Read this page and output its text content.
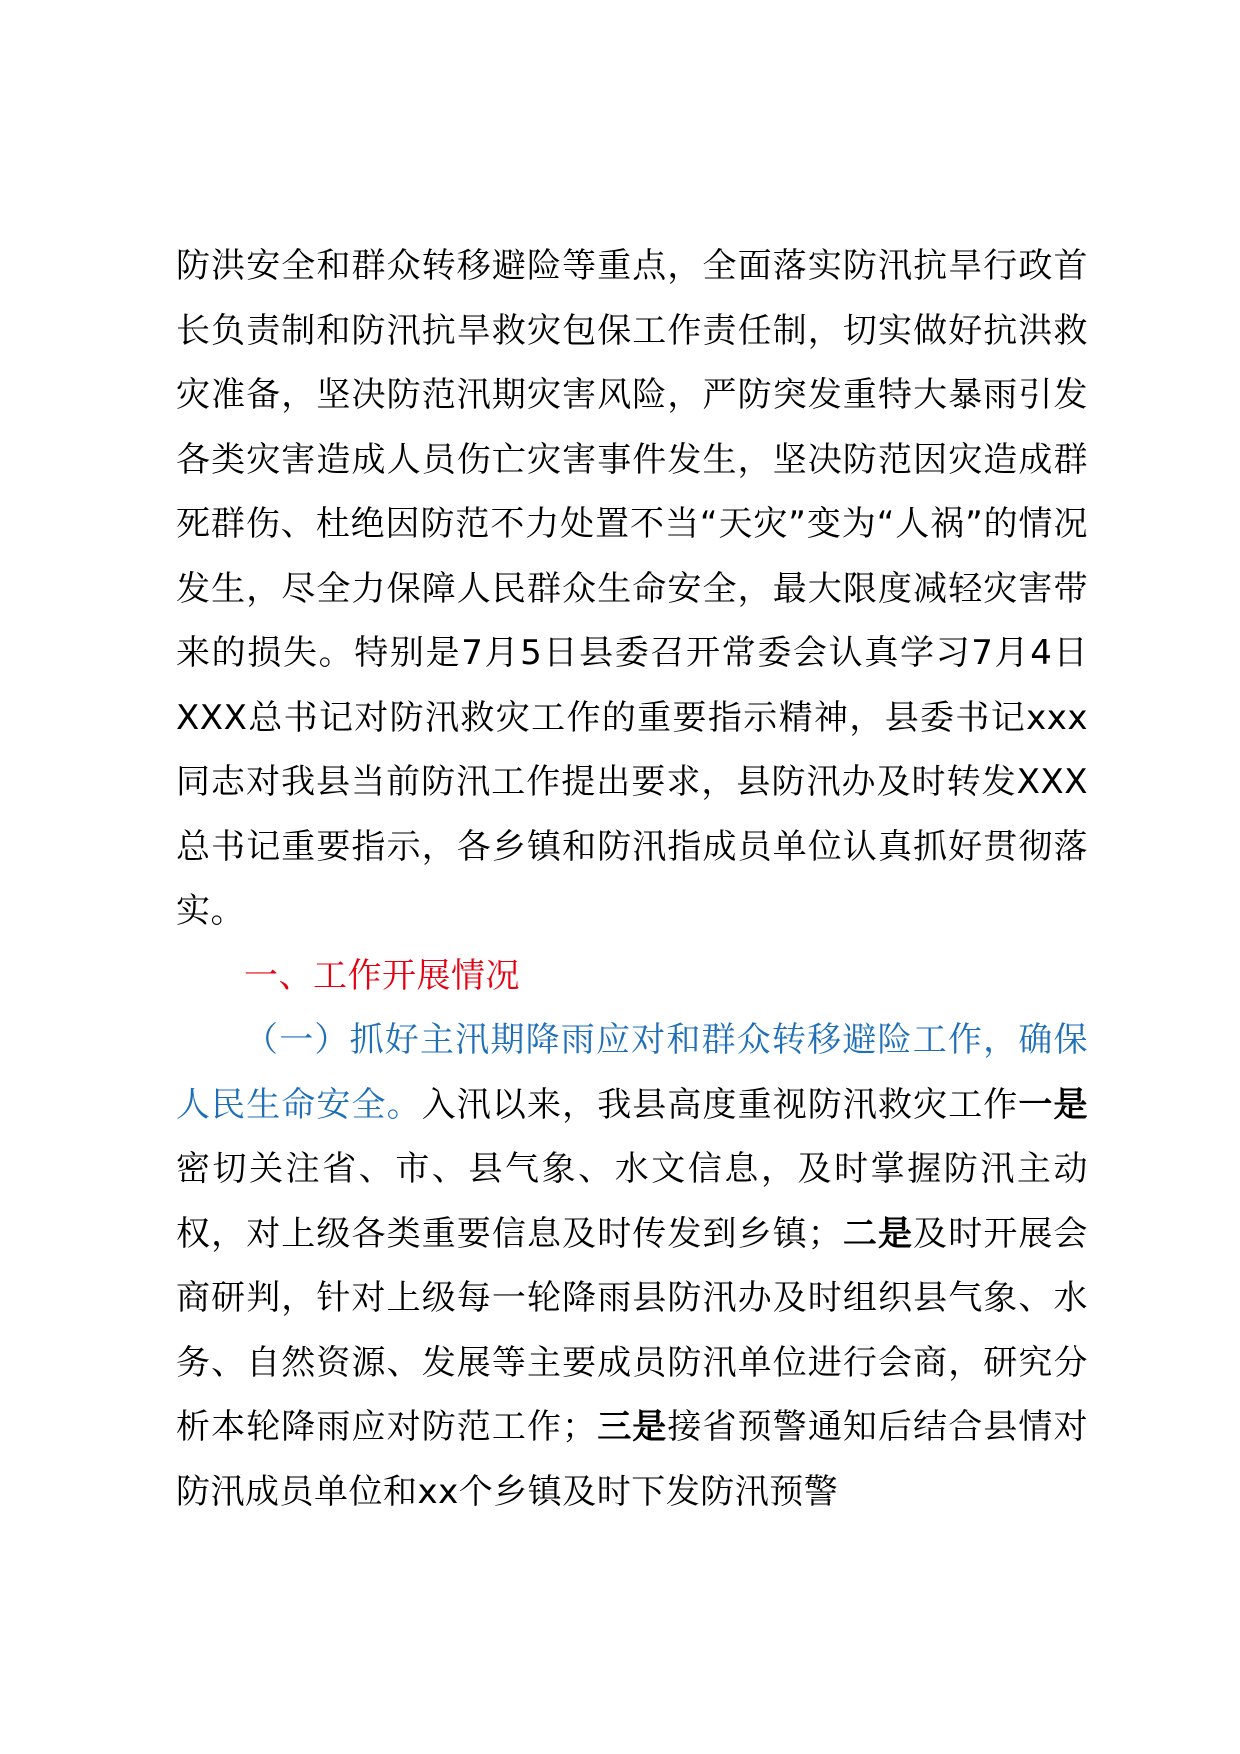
防洪安全和群众转移避险等重点，全面落实防汛抗旱行政首长负责制和防汛抗旱救灾包保工作责任制，切实做好抗洪救灾准备，坚决防范汛期灾害风险，严防突发重特大暴雨引发各类灾害造成人员伤亡灾害事件发生，坚决防范因灾造成群死群伤、杜绝因防范不力处置不当“天灾”变为“人祸”的情况发生，尽全力保障人民群众生命安全，最大限度减轻灾害带来的损失。特别是7月5日县委召开常委会认真学习7月4日XXX总书记对防汛救灾工作的重要指示精神，县委书记xxx同志对我县当前防汛工作提出要求，县防汛办及时转发XXX总书记重要指示，各乡镇和防汛指成员单位认真抓好贯彻落实。

一、工作开展情况

（一）抓好主汛期降雨应对和群众转移避险工作，确保人民生命安全。入汛以来，我县高度重视防汛救灾工作一是密切关注省、市、县气象、水文信息，及时掌握防汛主动权，对上级各类重要信息及时传发到乡镇；二是及时开展会商研判，针对上级每一轮降雨县防汛办及时组织县气象、水务、自然资源、发展等主要成员防汛单位进行会商，研究分析本轮降雨应对防范工作；三是接省预警通知后结合县情对防汛成员单位和xx个乡镇及时下发防汛预警
